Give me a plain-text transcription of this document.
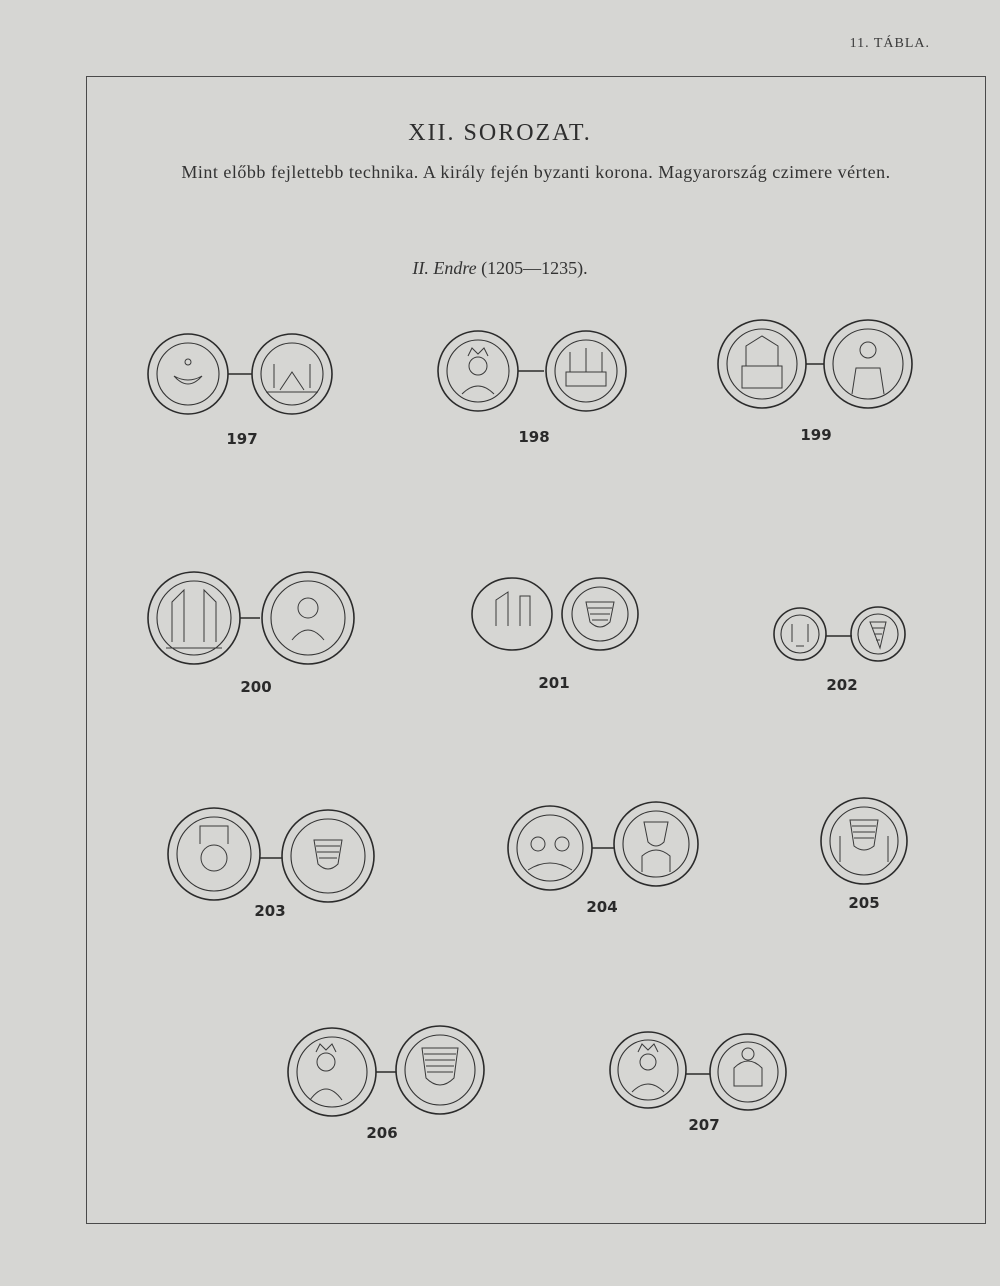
11. TÁBLA.
XII. SOROZAT.
Mint előbb fejlettebb technika. A király fején byzanti korona. Magyarország czimere vérten.
II. Endre (1205—1235).
197	198	199
200	201	202
203	204	205
206	207
